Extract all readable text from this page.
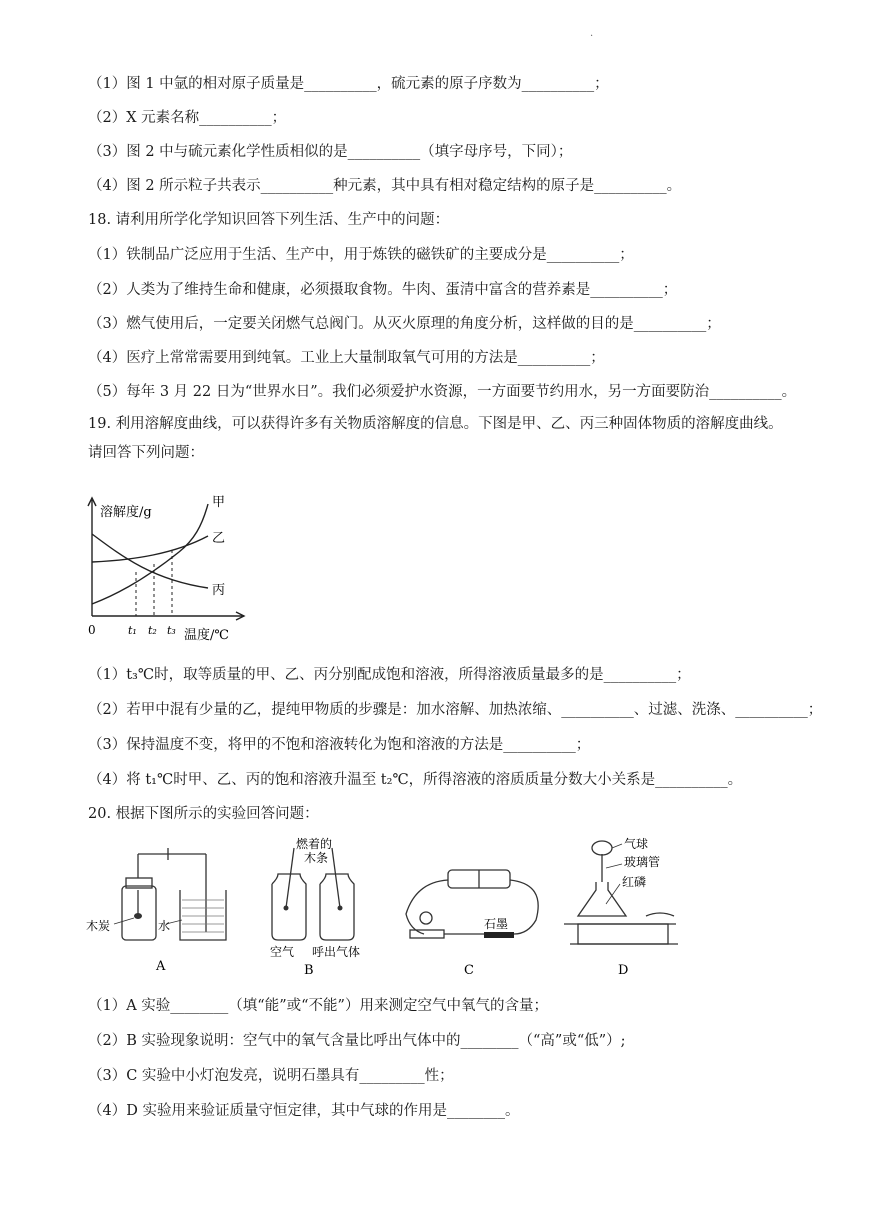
.
（1）图 1 中氩的相对原子质量是__________，硫元素的原子序数为__________；
（2）X 元素名称__________；
（3）图 2 中与硫元素化学性质相似的是__________（填字母序号，下同）；
（4）图 2 所示粒子共表示__________种元素，其中具有相对稳定结构的原子是__________。
18. 请利用所学化学知识回答下列生活、生产中的问题：
（1）铁制品广泛应用于生活、生产中，用于炼铁的磁铁矿的主要成分是__________；
（2）人类为了维持生命和健康，必须摄取食物。牛肉、蛋清中富含的营养素是__________；
（3）燃气使用后，一定要关闭燃气总阀门。从灭火原理的角度分析，这样做的目的是__________；
（4）医疗上常常需要用到纯氧。工业上大量制取氧气可用的方法是__________；
（5）每年 3 月 22 日为“世界水日”。我们必须爱护水资源，一方面要节约用水，另一方面要防治__________。
19. 利用溶解度曲线，可以获得许多有关物质溶解度的信息。下图是甲、乙、丙三种固体物质的溶解度曲线。请回答下列问题：
溶解度/g
0	t₁ t₂ t₃ 温度/℃
甲
乙
丙
（1）t₃℃时，取等质量的甲、乙、丙分别配成饱和溶液，所得溶液质量最多的是__________；
（2）若甲中混有少量的乙，提纯甲物质的步骤是：加水溶解、加热浓缩、__________、过滤、洗涤、__________；
（3）保持温度不变，将甲的不饱和溶液转化为饱和溶液的方法是__________；
（4）将 t₁℃时甲、乙、丙的饱和溶液升温至 t₂℃，所得溶液的溶质质量分数大小关系是__________。
20. 根据下图所示的实验回答问题：
木炭	水
A
燃着的
木条
空气 呼出气体
B
石墨
C
气球
玻璃管
红磷
D
（1）A 实验________（填“能”或“不能”）用来测定空气中氧气的含量；
（2）B 实验现象说明：空气中的氧气含量比呼出气体中的________（“高”或“低”）;
（3）C 实验中小灯泡发亮，说明石墨具有_________性；
（4）D 实验用来验证质量守恒定律，其中气球的作用是________。
